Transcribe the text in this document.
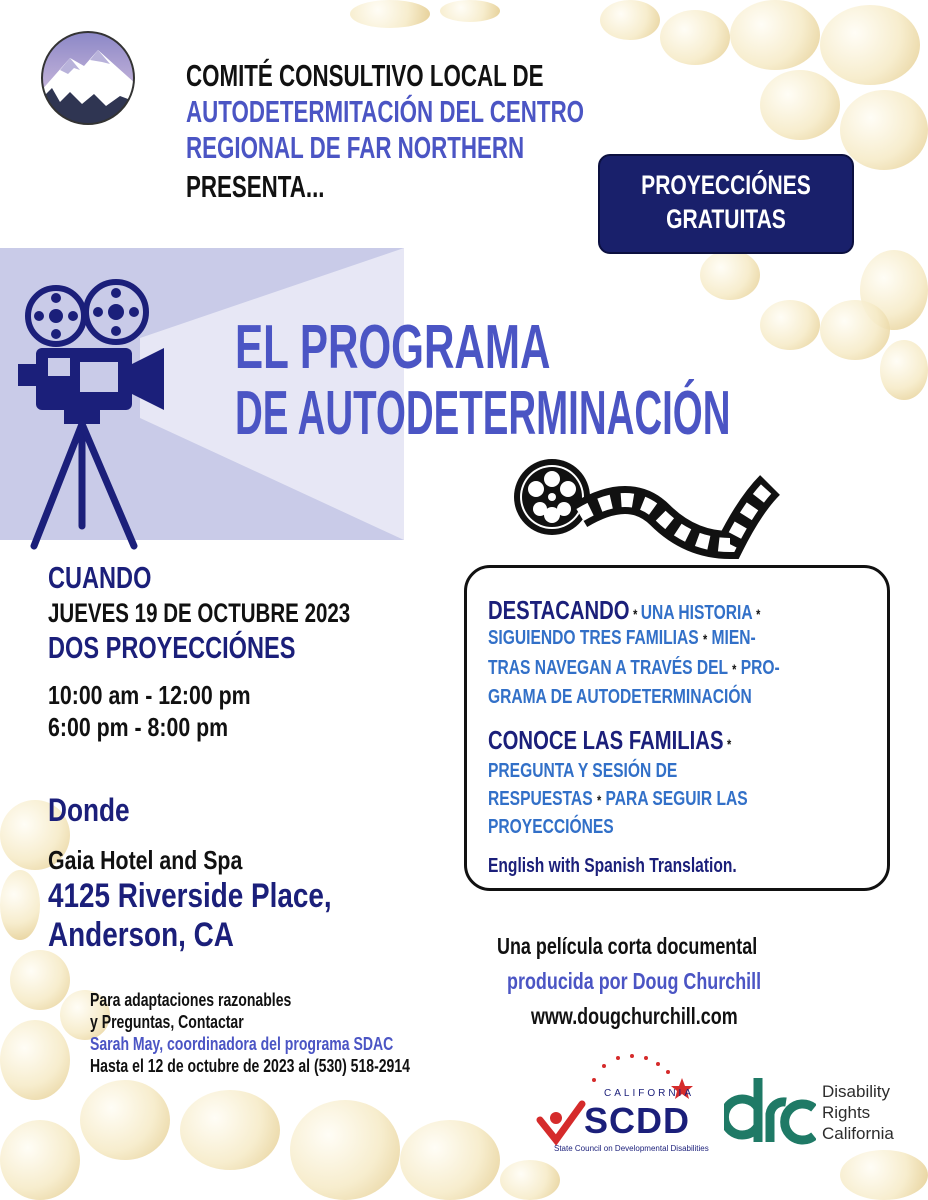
COMITÉ CONSULTIVO LOCAL DE
AUTODETERMITACIÓN DEL CENTRO
REGIONAL DE FAR NORTHERN
PRESENTA...	PROYECCIÓNES
GRATUITAS
EL PROGRAMA
DE AUTODETERMINACIÓN
CUANDO
JUEVES 19 DE OCTUBRE 2023
DOS PROYECCIÓNES
10:00 am - 12:00 pm
6:00 pm - 8:00 pm
Donde
Gaia Hotel and Spa
4125 Riverside Place,
Anderson, CA
Para adaptaciones razonables
y Preguntas, Contactar
Sarah May, coordinadora del programa SDAC
Hasta el 12 de octubre de 2023 al (530) 518-2914
DESTACANDO * UNA HISTORIA *
SIGUIENDO TRES FAMILIAS * MIEN-
TRAS NAVEGAN A TRAVÉS DEL * PRO-
GRAMA DE AUTODETERMINACIÓN
CONOCE LAS FAMILIAS *
PREGUNTA Y SESIÓN DE
RESPUESTAS * PARA SEGUIR LAS
PROYECCIÓNES
English with Spanish Translation.
Una película corta documental
producida por Doug Churchill
www.dougchurchill.com
CALIFORNIA
SCDD
State Council on Developmental Disabilities
Disability
Rights
California
